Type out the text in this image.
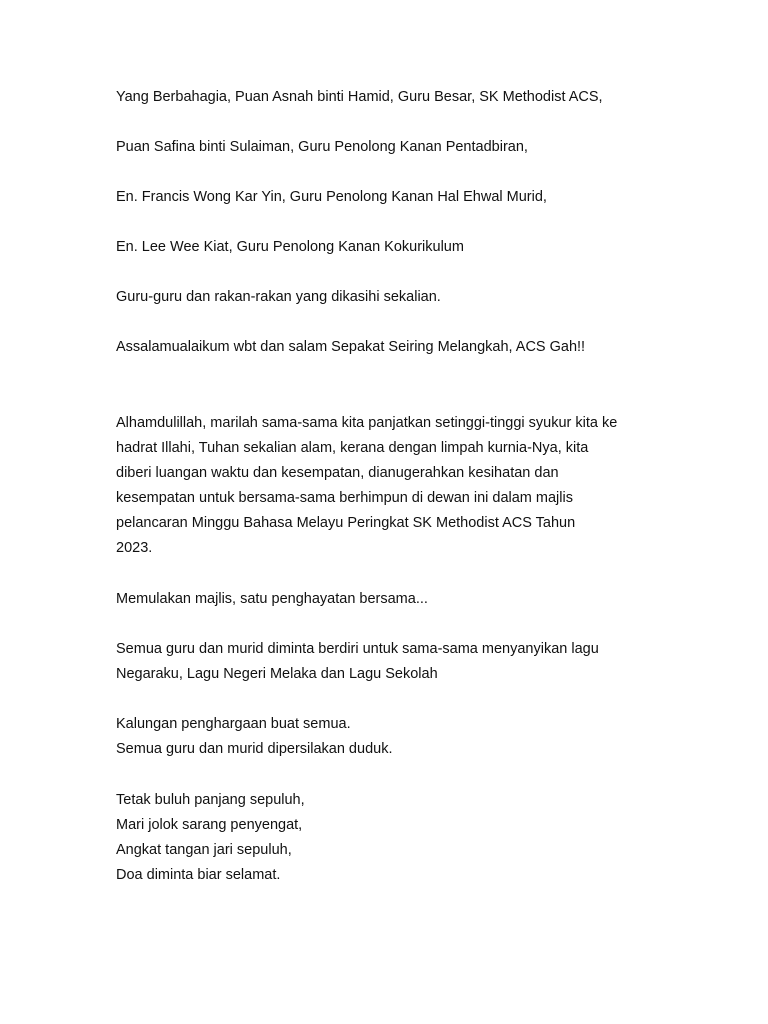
Yang Berbahagia, Puan Asnah binti Hamid, Guru Besar, SK Methodist ACS,
Puan Safina binti Sulaiman, Guru Penolong Kanan Pentadbiran,
En. Francis Wong Kar Yin, Guru Penolong Kanan Hal Ehwal Murid,
En. Lee Wee Kiat, Guru Penolong Kanan Kokurikulum
Guru-guru dan rakan-rakan yang dikasihi sekalian.
Assalamualaikum wbt dan salam Sepakat Seiring Melangkah, ACS Gah!!
Alhamdulillah, marilah sama-sama kita panjatkan setinggi-tinggi syukur kita ke
hadrat Illahi, Tuhan sekalian alam, kerana dengan limpah kurnia-Nya, kita
diberi luangan waktu dan kesempatan, dianugerahkan kesihatan dan
kesempatan untuk bersama-sama berhimpun di dewan ini dalam majlis
pelancaran Minggu Bahasa Melayu Peringkat SK Methodist ACS Tahun
2023.
Memulakan majlis, satu penghayatan bersama...
Semua guru dan murid diminta berdiri untuk sama-sama menyanyikan lagu
Negaraku, Lagu Negeri Melaka dan Lagu Sekolah
Kalungan penghargaan buat semua.
Semua guru dan murid dipersilakan duduk.
Tetak buluh panjang sepuluh,
Mari jolok sarang penyengat,
Angkat tangan jari sepuluh,
Doa diminta biar selamat.
